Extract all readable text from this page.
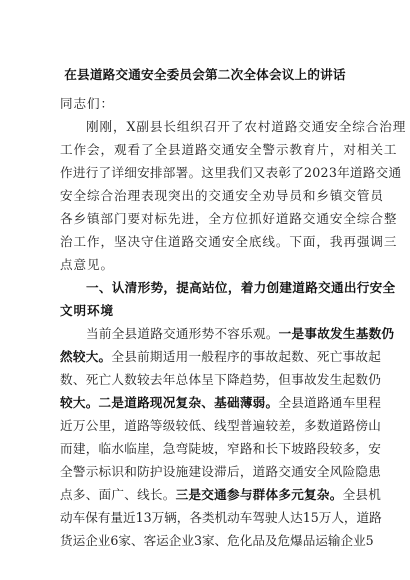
在县道路交通安全委员会第二次全体会议上的讲话
同志们：
刚刚，X副县长组织召开了农村道路交通安全综合治理
工作会，观看了全县道路交通安全警示教育片，对相关工
作进行了详细安排部署。这里我们又表彰了2023年道路交通
安全综合治理表现突出的交通安全劝导员和乡镇交管员
各乡镇部门要对标先进，全方位抓好道路交通安全综合整
治工作，坚决守住道路交通安全底线。下面，我再强调三
点意见。
一、认清形势，提高站位，着力创建道路交通出行安全
文明环境
当前全县道路交通形势不容乐观。一是事故发生基数仍
然较大。全县前期适用一般程序的事故起数、死亡事故起
数、死亡人数较去年总体呈下降趋势，但事故发生起数仍
较大。二是道路现况复杂、基础薄弱。全县道路通车里程
近万公里，道路等级较低、线型普遍较差，多数道路傍山
而建，临水临崖，急弯陡坡，窄路和长下坡路段较多，安
全警示标识和防护设施建设滞后，道路交通安全风险隐患
点多、面广、线长。三是交通参与群体多元复杂。全县机
动车保有量近13万辆，各类机动车驾驶人达15万人，道路
货运企业6家、客运企业3家、危化品及危爆品运输企业5
